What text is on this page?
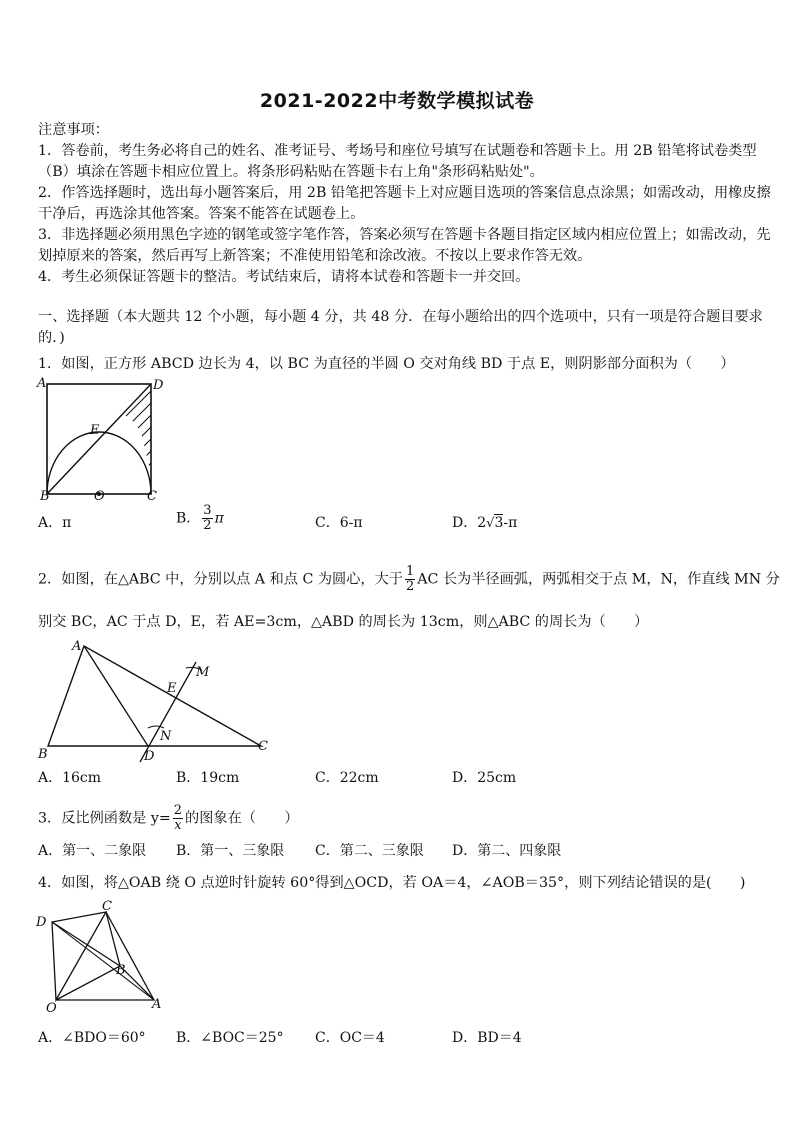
2021-2022中考数学模拟试卷
注意事项：
1．答卷前，考生务必将自己的姓名、准考证号、考场号和座位号填写在试题卷和答题卡上。用 2B 铅笔将试卷类型
（B）填涂在答题卡相应位置上。将条形码粘贴在答题卡右上角"条形码粘贴处"。
2．作答选择题时，选出每小题答案后，用 2B 铅笔把答题卡上对应题目选项的答案信息点涂黑；如需改动，用橡皮擦
干净后，再选涂其他答案。答案不能答在试题卷上。
3．非选择题必须用黑色字迹的钢笔或签字笔作答，答案必须写在答题卡各题目指定区域内相应位置上；如需改动，先
划掉原来的答案，然后再写上新答案；不准使用铅笔和涂改液。不按以上要求作答无效。
4．考生必须保证答题卡的整洁。考试结束后，请将本试卷和答题卡一并交回。
一、选择题（本大题共 12 个小题，每小题 4 分，共 48 分．在每小题给出的四个选项中，只有一项是符合题目要求
的．)
1．如图，正方形 ABCD 边长为 4，以 BC 为直径的半圆 O 交对角线 BD 于点 E，则阴影部分面积为（　　）
A	D
E
B	O	C
A．π	B． $\frac{3}{2}$ π	C．6-π	D．2√3-π
2．如图，在△ABC 中，分别以点 A 和点 C 为圆心，大于 $\frac{1}{2}$ AC 长为半径画弧，两弧相交于点 M，N，作直线 MN 分
别交 BC，AC 于点 D，E，若 AE=3cm，△ABD 的周长为 13cm，则△ABC 的周长为（　　）
A
M
E
N
B	D
C
A．16cm	B．19cm	C．22cm	D．25cm
3．反比例函数是 $y= \frac{2}{x}$ 的图象在（　　）
A．第一、二象限 B．第一、三象限 C．第二、三象限 D．第二、四象限
4．如图，将△OAB 绕 O 点逆时针旋转 60°得到△OCD，若 OA＝4，∠AOB＝35°，则下列结论错误的是(　　)
D
C
B
O	A
A．∠BDO＝60° B．∠BOC＝25° C．OC＝4	D．BD＝4
